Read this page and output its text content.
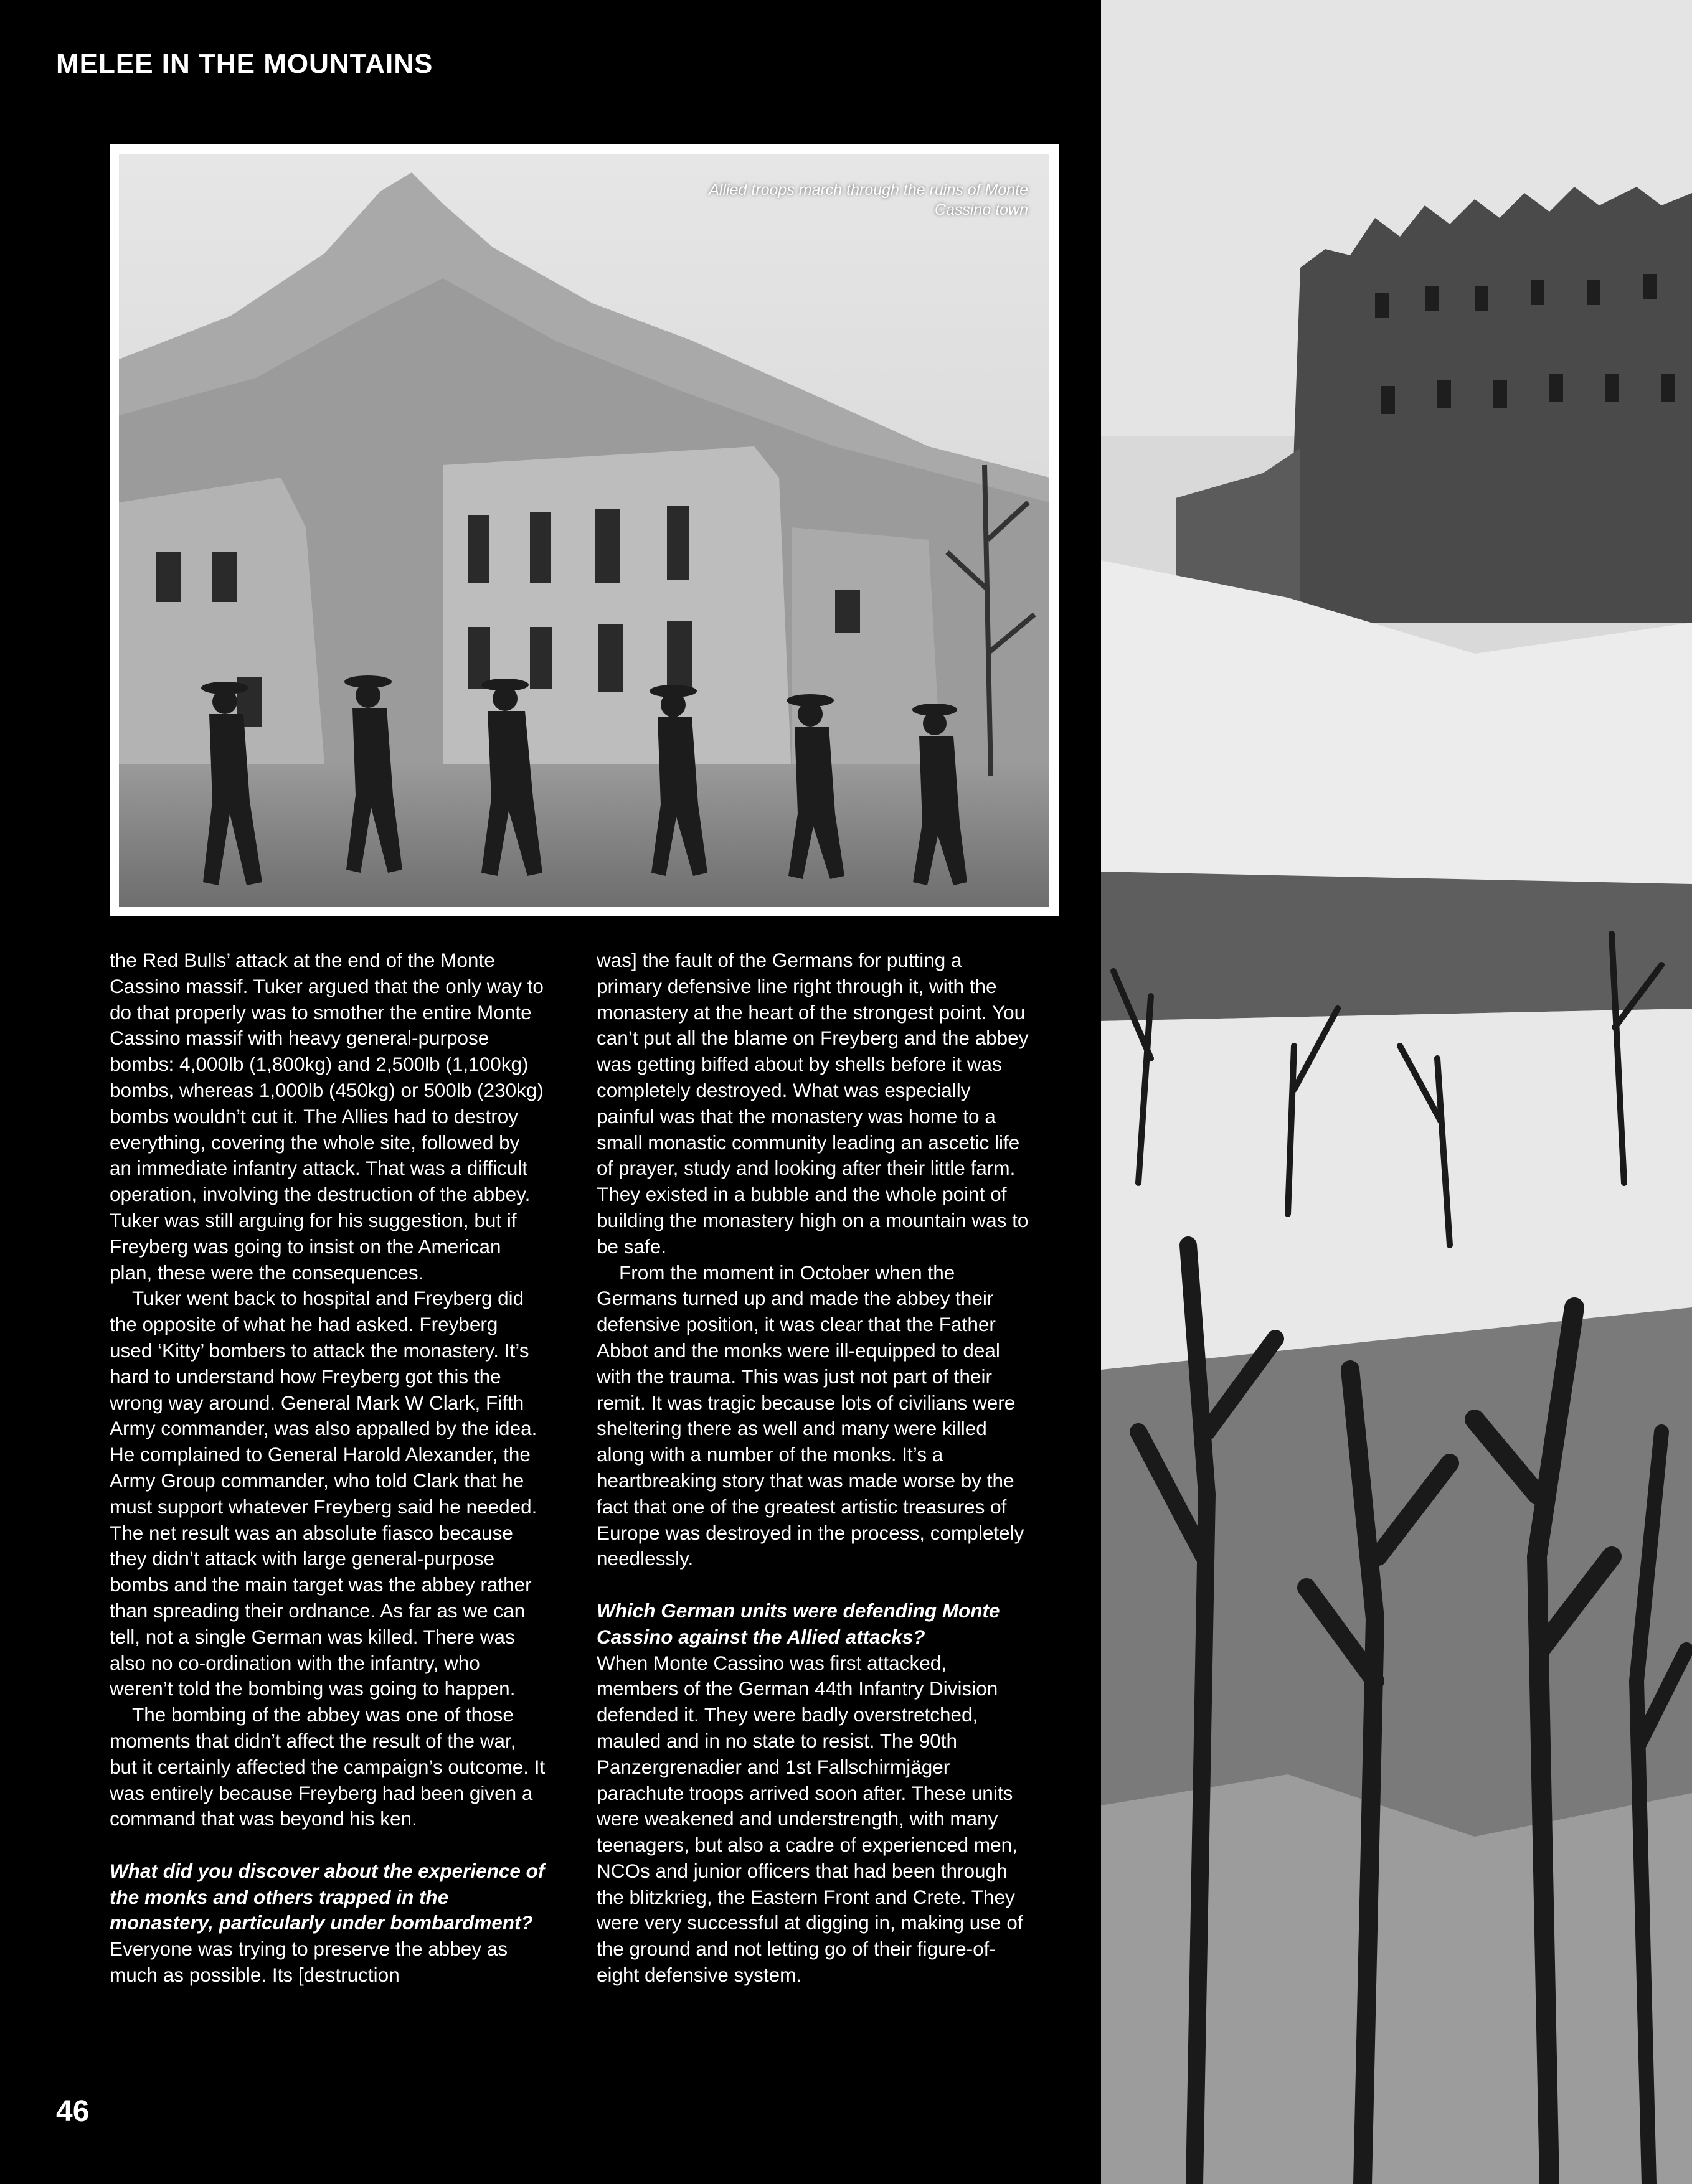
MELEE IN THE MOUNTAINS
Allied troops march through the ruins of Monte Cassino town

the Red Bulls’ attack at the end of the Monte Cassino massif. Tuker argued that the only way to do that properly was to smother the entire Monte Cassino massif with heavy general-purpose bombs: 4,000lb (1,800kg) and 2,500lb (1,100kg) bombs, whereas 1,000lb (450kg) or 500lb (230kg) bombs wouldn’t cut it. The Allies had to destroy everything, covering the whole site, followed by an immediate infantry attack. That was a difficult operation, involving the destruction of the abbey. Tuker was still arguing for his suggestion, but if Freyberg was going to insist on the American plan, these were the consequences.

Tuker went back to hospital and Freyberg did the opposite of what he had asked. Freyberg used ‘Kitty’ bombers to attack the monastery. It’s hard to understand how Freyberg got this the wrong way around. General Mark W Clark, Fifth Army commander, was also appalled by the idea. He complained to General Harold Alexander, the Army Group commander, who told Clark that he must support whatever Freyberg said he needed. The net result was an absolute fiasco because they didn’t attack with large general-purpose bombs and the main target was the abbey rather than spreading their ordnance. As far as we can tell, not a single German was killed. There was also no co-ordination with the infantry, who weren’t told the bombing was going to happen.

The bombing of the abbey was one of those moments that didn’t affect the result of the war, but it certainly affected the campaign’s outcome. It was entirely because Freyberg had been given a command that was beyond his ken.

What did you discover about the experience of the monks and others trapped in the monastery, particularly under bombardment?

Everyone was trying to preserve the abbey as much as possible. Its [destruction

was] the fault of the Germans for putting a primary defensive line right through it, with the monastery at the heart of the strongest point. You can’t put all the blame on Freyberg and the abbey was getting biffed about by shells before it was completely destroyed. What was especially painful was that the monastery was home to a small monastic community leading an ascetic life of prayer, study and looking after their little farm. They existed in a bubble and the whole point of building the monastery high on a mountain was to be safe.

From the moment in October when the Germans turned up and made the abbey their defensive position, it was clear that the Father Abbot and the monks were ill-equipped to deal with the trauma. This was just not part of their remit. It was tragic because lots of civilians were sheltering there as well and many were killed along with a number of the monks. It’s a heartbreaking story that was made worse by the fact that one of the greatest artistic treasures of Europe was destroyed in the process, completely needlessly.

Which German units were defending Monte Cassino against the Allied attacks?

When Monte Cassino was first attacked, members of the German 44th Infantry Division defended it. They were badly overstretched, mauled and in no state to resist. The 90th Panzergrenadier and 1st Fallschirmjäger parachute troops arrived soon after. These units were weakened and understrength, with many teenagers, but also a cadre of experienced men, NCOs and junior officers that had been through the blitzkrieg, the Eastern Front and Crete. They were very successful at digging in, making use of the ground and not letting go of their figure-of-eight defensive system.

46
